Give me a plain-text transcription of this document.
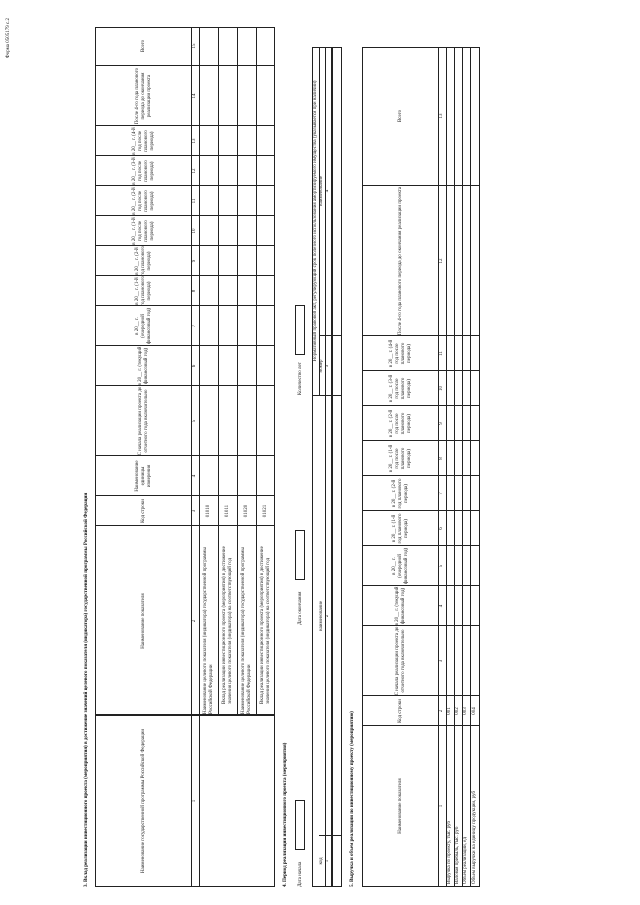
Форма 0505179 с.2
3. Вклад реализации инвестиционного проекта (мероприятия) в достижение значений целевого показателя (индикатора) государственной программы Российской Федерации	Наименование государственной программы Российской Федерации
Наименование показателя
Код строки
Наименование единицы измерения
С начала реализации проекта до отчетного года включительно
в 20__ г. (текущий финансовый год)
в 20__ г. (очередной финансовый год)
в 20__ г. (1-й год планового периода)
в 20__ г. (2-й год планового периода)
в 20__ г. (1-й год после планового периода)
в 20__ г. (2-й год после планового периода)
в 20__ г. (3-й год после планового периода)
в 20__ г. (4-й год после планового периода)
После 4-го года планового периода до окончания реализации проекта
Всего
1
2
3
4
5
6
7
8
9
10
11
12
13
14
15
Наименование целевого показателя (индикатора) государственной программы Российской Федерации
01010
Вклад реализации инвестиционного проекта (мероприятия) в достижение значения целевого показателя (индикатора) на соответствующий год
01011
Наименование целевого показателя (индикатора) государственной программы Российской Федерации
01020
Вклад реализации инвестиционного проекта (мероприятия) в достижение значения целевого показателя (индикатора) на соответствующий год
01021
4. Период реализации инвестиционного проекта (мероприятия) Дата начала
Дата окончания
Количество лет
Нормативный правовой акт, регулирующий срок полезного использования амортизируемого имущества (указывается при наличии)
код
наименование
номер
наименование
1
2
3
4
5. Выручка и объем реализации по инвестиционному проекту (мероприятию)	Наименование показателя
Код строки
С начала реализации проекта до отчетного года включительно
в 20__ г. (текущий финансовый год)
в 20__ г. (очередной финансовый год)
в 20__ г. (1-й год планового периода)
в 20__ г. (2-й год планового периода)
в 20__ г. (1-й год после планового периода)
в 20__ г. (2-й год после планового периода)
в 20__ г. (3-й год после планового периода)
в 20__ г. (4-й год после планового периода)
После 4-го года планового периода до окончания реализации проекта
Всего
1
2
3
4
5
6
7
8
9
10
11
12
13
Выручка по проекту, тыс. руб
001
Валовая прибыль, тыс. руб
002
Объем реализации, ед
003
Объем выручки на единицу продукции, руб
004
